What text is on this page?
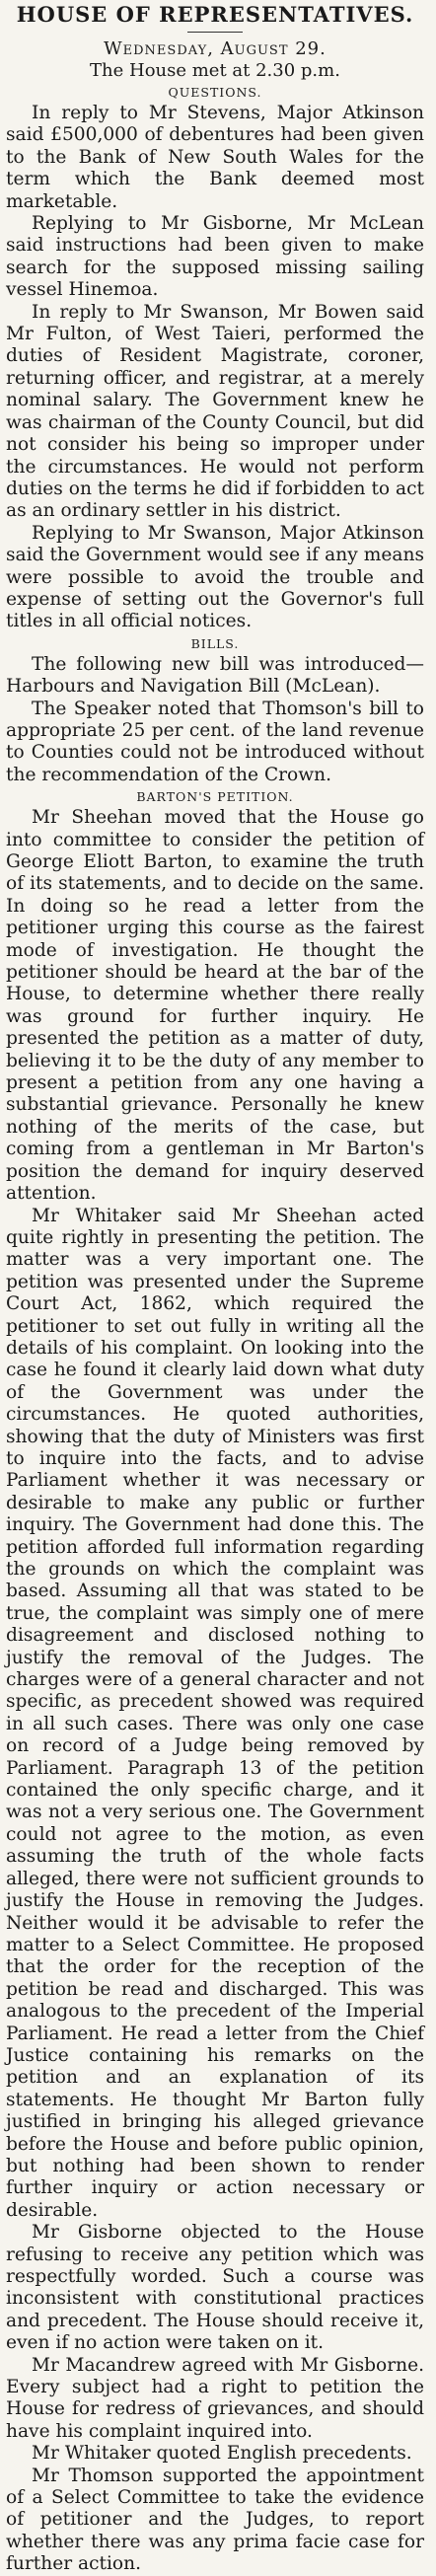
HOUSE OF REPRESENTATIVES.
Wednesday, August 29.
The House met at 2.30 p.m.
QUESTIONS.

In reply to Mr Stevens, Major Atkinson said £500,000 of debentures had been given to the Bank of New South Wales for the term which the Bank deemed most marketable.

Replying to Mr Gisborne, Mr McLean said instructions had been given to make search for the supposed missing sailing vessel Hinemoa.

In reply to Mr Swanson, Mr Bowen said Mr Fulton, of West Taieri, performed the duties of Resident Magistrate, coroner, returning officer, and registrar, at a merely nominal salary. The Government knew he was chairman of the County Council, but did not consider his being so improper under the circumstances. He would not perform duties on the terms he did if forbidden to act as an ordinary settler in his district.

Replying to Mr Swanson, Major Atkinson said the Government would see if any means were possible to avoid the trouble and expense of setting out the Governor's full titles in all official notices.

BILLS.

The following new bill was introduced—Harbours and Navigation Bill (McLean).

The Speaker noted that Thomson's bill to appropriate 25 per cent. of the land revenue to Counties could not be introduced without the recommendation of the Crown.

BARTON'S PETITION.

Mr Sheehan moved that the House go into committee to consider the petition of George Eliott Barton, to examine the truth of its statements, and to decide on the same. In doing so he read a letter from the petitioner urging this course as the fairest mode of investigation. He thought the petitioner should be heard at the bar of the House, to determine whether there really was ground for further inquiry. He presented the petition as a matter of duty, believing it to be the duty of any member to present a petition from any one having a substantial grievance. Personally he knew nothing of the merits of the case, but coming from a gentleman in Mr Barton's position the demand for inquiry deserved attention.

Mr Whitaker said Mr Sheehan acted quite rightly in presenting the petition. The matter was a very important one. The petition was presented under the Supreme Court Act, 1862, which required the petitioner to set out fully in writing all the details of his complaint. On looking into the case he found it clearly laid down what duty of the Government was under the circumstances. He quoted authorities, showing that the duty of Ministers was first to inquire into the facts, and to advise Parliament whether it was necessary or desirable to make any public or further inquiry. The Government had done this. The petition afforded full information regarding the grounds on which the complaint was based. Assuming all that was stated to be true, the complaint was simply one of mere disagreement and disclosed nothing to justify the removal of the Judges. The charges were of a general character and not specific, as precedent showed was required in all such cases. There was only one case on record of a Judge being removed by Parliament. Paragraph 13 of the petition contained the only specific charge, and it was not a very serious one. The Government could not agree to the motion, as even assuming the truth of the whole facts alleged, there were not sufficient grounds to justify the House in removing the Judges. Neither would it be advisable to refer the matter to a Select Committee. He proposed that the order for the reception of the petition be read and discharged. This was analogous to the precedent of the Imperial Parliament. He read a letter from the Chief Justice containing his remarks on the petition and an explanation of its statements. He thought Mr Barton fully justified in bringing his alleged grievance before the House and before public opinion, but nothing had been shown to render further inquiry or action necessary or desirable.

Mr Gisborne objected to the House refusing to receive any petition which was respectfully worded. Such a course was inconsistent with constitutional practices and precedent. The House should receive it, even if no action were taken on it.

Mr Macandrew agreed with Mr Gisborne. Every subject had a right to petition the House for redress of grievances, and should have his complaint inquired into.

Mr Whitaker quoted English precedents.

Mr Thomson supported the appointment of a Select Committee to take the evidence of petitioner and the Judges, to report whether there was any prima facie case for further action.
